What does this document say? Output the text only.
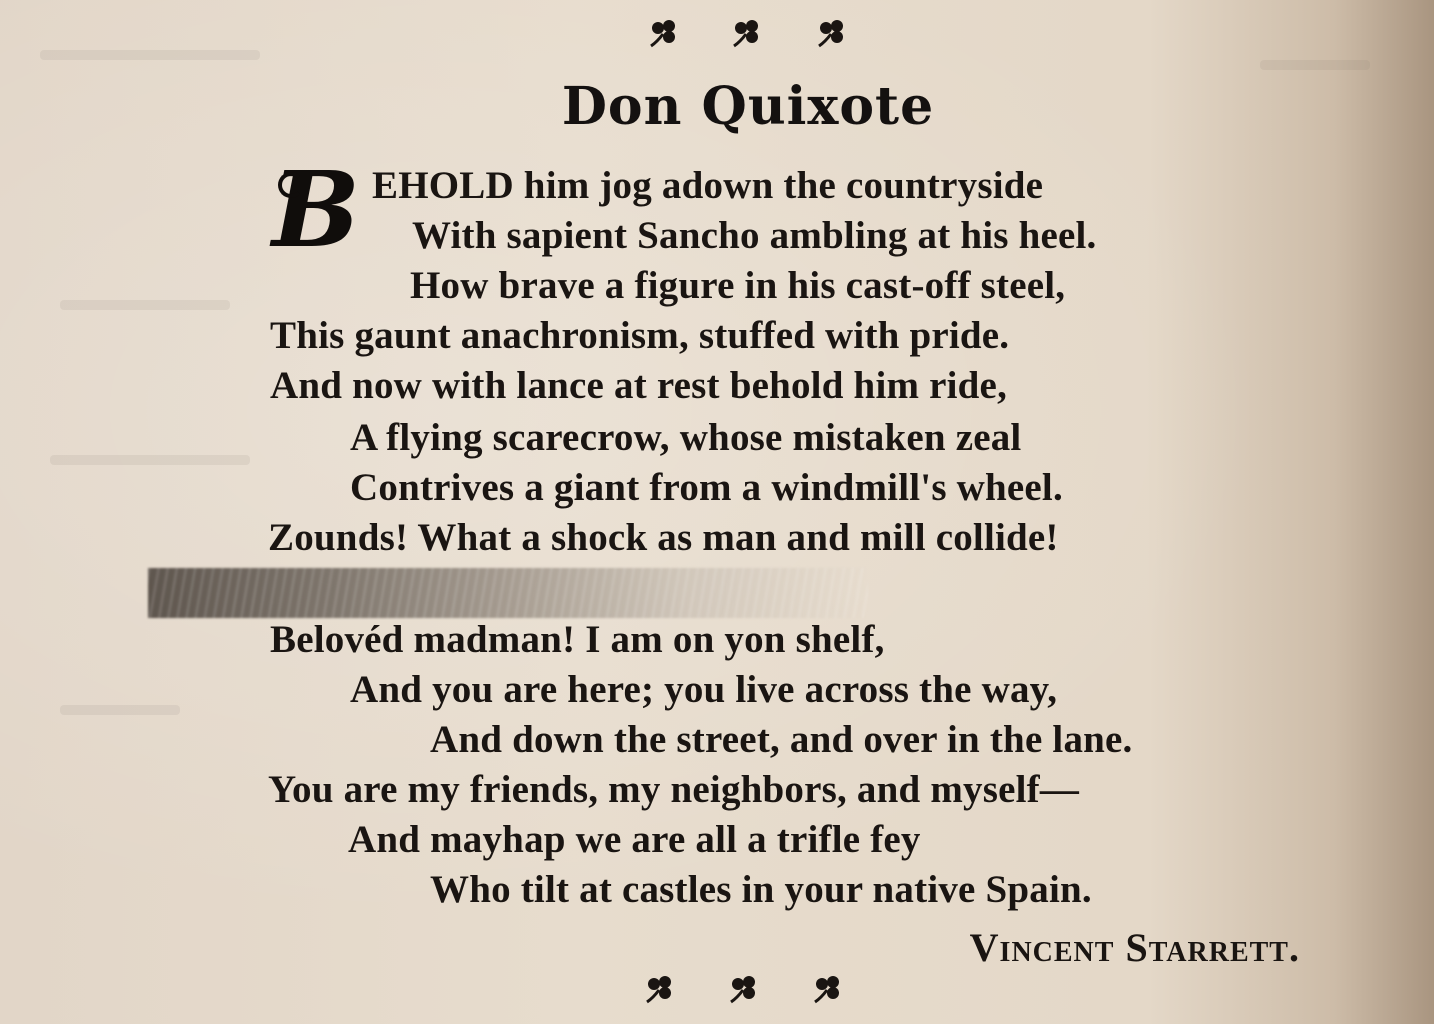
Don Quixote
B EHOLD him jog adown the countryside
With sapient Sancho ambling at his heel.
How brave a figure in his cast-off steel,
This gaunt anachronism, stuffed with pride.
And now with lance at rest behold him ride,
A flying scarecrow, whose mistaken zeal
Contrives a giant from a windmill's wheel.
Zounds! What a shock as man and mill collide!
Belovéd madman! I am on yon shelf,
And you are here; you live across the way,
And down the street, and over in the lane.
You are my friends, my neighbors, and myself—
And mayhap we are all a trifle fey
Who tilt at castles in your native Spain.
Vincent Starrett.
